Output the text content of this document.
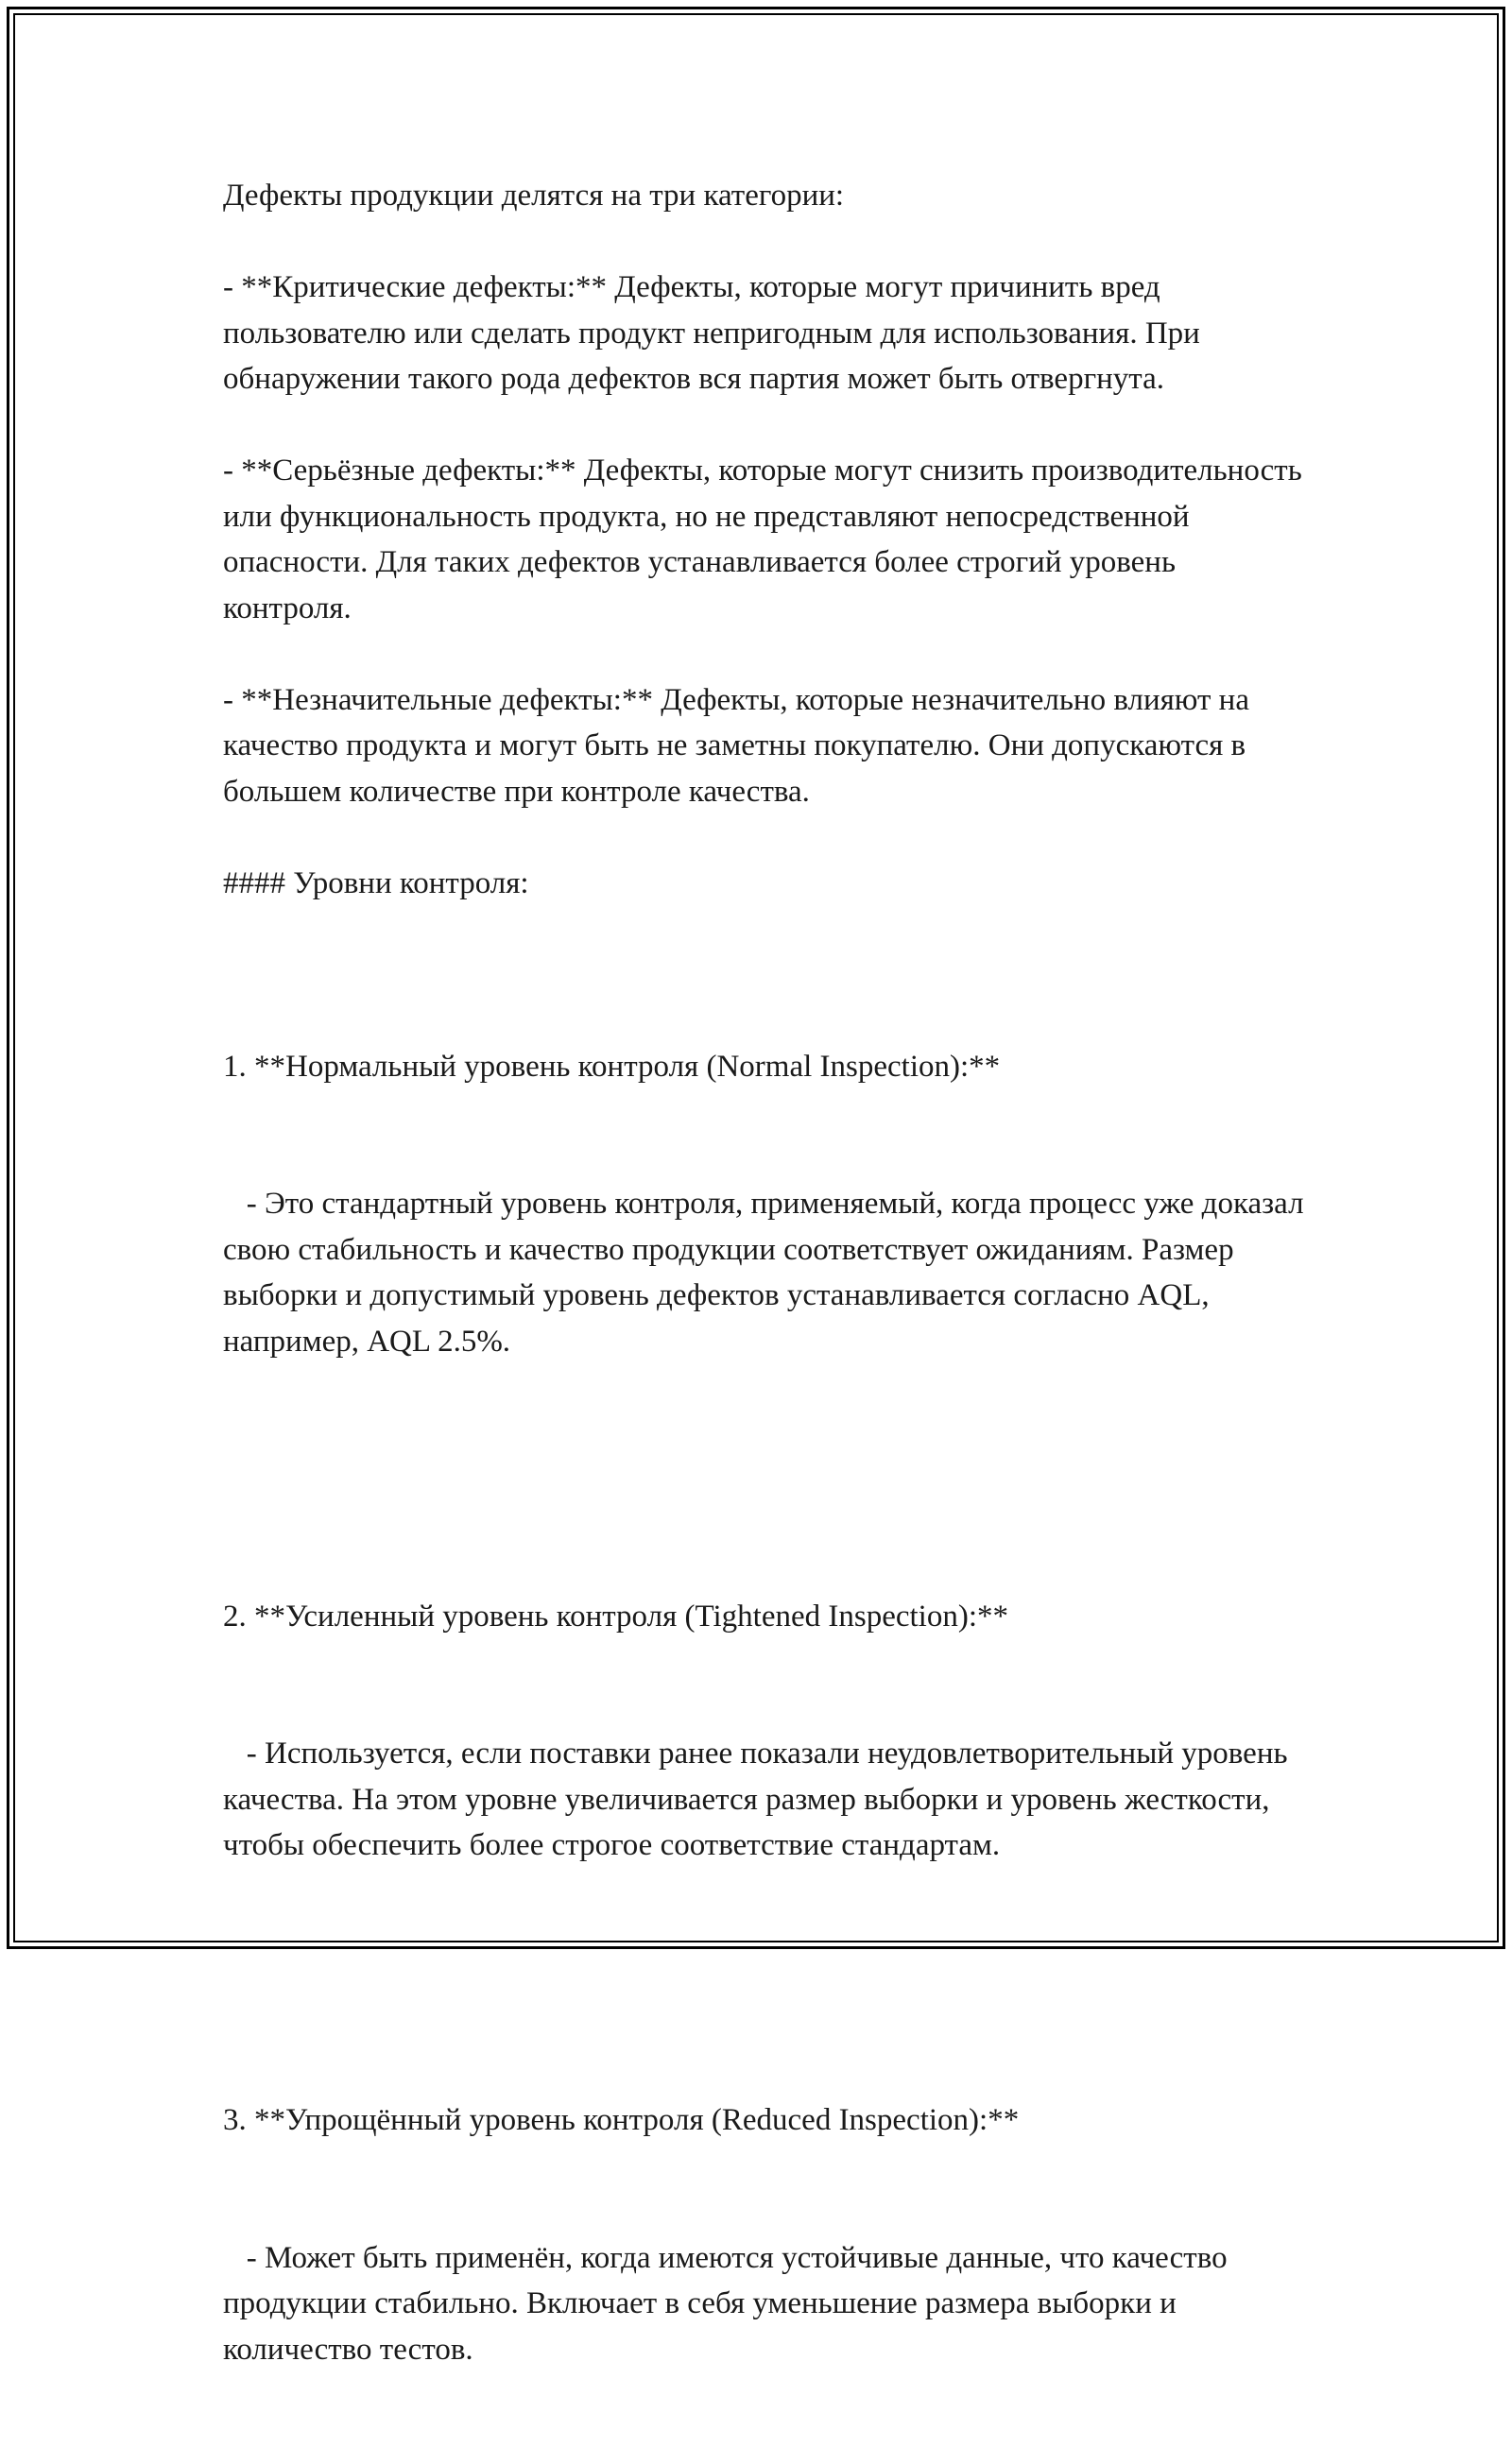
Дефекты продукции делятся на три категории:

- **Критические дефекты:** Дефекты, которые могут причинить вред пользователю или сделать продукт непригодным для использования. При обнаружении такого рода дефектов вся партия может быть отвергнута.

- **Серьёзные дефекты:** Дефекты, которые могут снизить производительность или функциональность продукта, но не представляют непосредственной опасности. Для таких дефектов устанавливается более строгий уровень контроля.

- **Незначительные дефекты:** Дефекты, которые незначительно влияют на качество продукта и могут быть не заметны покупателю. Они допускаются в большем количестве при контроле качества.

#### Уровни контроля:

1. **Нормальный уровень контроля (Normal Inspection):**

- Это стандартный уровень контроля, применяемый, когда процесс уже доказал свою стабильность и качество продукции соответствует ожиданиям. Размер выборки и допустимый уровень дефектов устанавливается согласно AQL, например, AQL 2.5%.

2. **Усиленный уровень контроля (Tightened Inspection):**

- Используется, если поставки ранее показали неудовлетворительный уровень качества. На этом уровне увеличивается размер выборки и уровень жесткости, чтобы обеспечить более строгое соответствие стандартам.

3. **Упрощённый уровень контроля (Reduced Inspection):**

- Может быть применён, когда имеются устойчивые данные, что качество продукции стабильно. Включает в себя уменьшение размера выборки и количество тестов.
